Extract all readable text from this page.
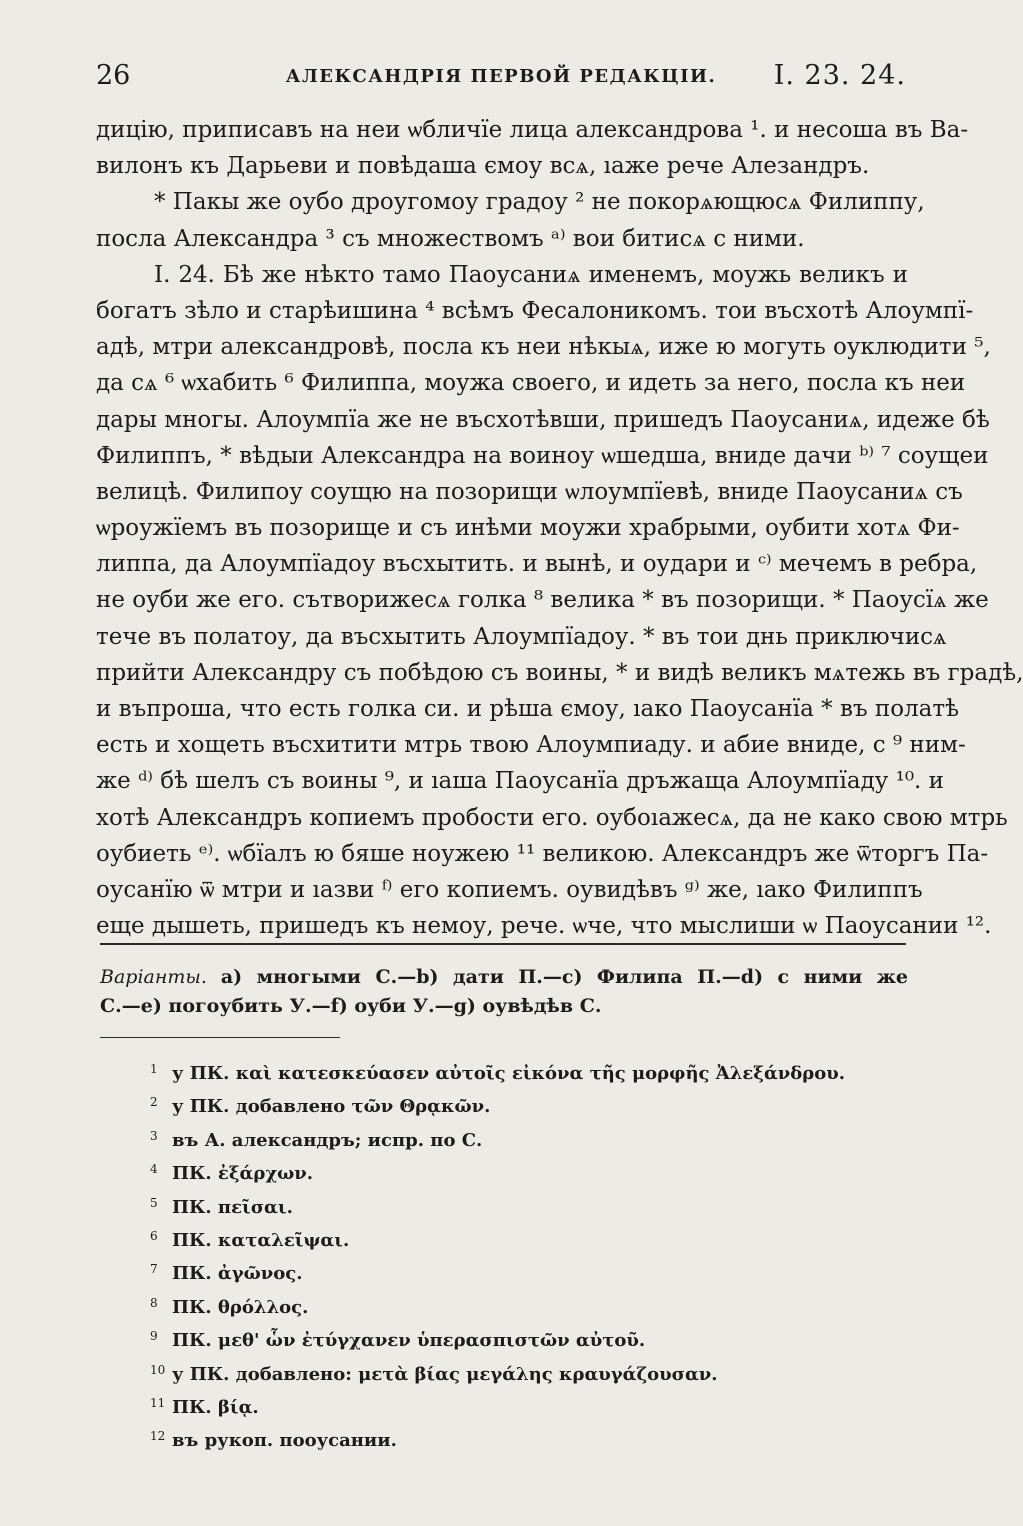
26	АЛЕКСАНДРІЯ ПЕРВОЙ РЕДАКЦІИ.	I. 23. 24.
дицію, приписавъ на неи ѡбличїе лица александрова ¹. и несоша въ Ва-
вилонъ къ Дарьеви и повѣдаша ємоу всѧ, ıаже рече Алезандръ.
* Пакы же оубо дроугомоу градоу ² не покорѧющюсѧ Филиппу,
посла Александра ³ съ множествомъ ᵃ⁾ вои битисѧ с ними.
I. 24. Бѣ же нѣкто тамо Паоусаниѧ именемъ, моужь великъ и
богатъ зѣло и старѣишина ⁴ всѣмъ Фесалоникомъ. тои въсхотѣ Алоумпї-
адѣ, мтри александровѣ, посла къ неи нѣкыѧ, иже ю могуть оуклюдити ⁵,
да сѧ ⁶ ѡхабить ⁶ Филиппа, моужа своего, и идеть за него, посла къ неи
дары многы. Алоумпїа же не въсхотѣвши, пришедъ Паоусаниѧ, идеже бѣ
Филиппъ, * вѣдыи Александра на воиноу ѡшедша, вниде дачи ᵇ⁾ ⁷ соущеи
велицѣ. Филипоу соущю на позорищи ѡлоумпїевѣ, вниде Паоусаниѧ съ
ѡроужїемъ въ позорище и съ инѣми моужи храбрыми, оубити хотѧ Фи-
липпа, да Алоумпїадоу въсхытить. и вынѣ, и оудари и ᶜ⁾ мечемъ в ребра,
не оуби же его. сътворижесѧ голка ⁸ велика * въ позорищи. * Паоусїѧ же
тече въ полатоу, да въсхытить Алоумпїадоу. * въ тои днь приключисѧ
прийти Александру съ побѣдою съ воины, * и видѣ великъ мѧтежь въ градѣ,
и въпроша, что есть голка си. и рѣша ємоу, ıако Паоусанїа * въ полатѣ
есть и хощеть въсхитити мтрь твою Алоумпиаду. и абие вниде, с ⁹ ним-
же ᵈ⁾ бѣ шелъ съ воины ⁹, и ıаша Паоусанїа дръжаща Алоумпїаду ¹⁰. и
хотѣ Александръ копиемъ пробости его. оубоıажесѧ, да не како свою мтрь
оубиеть ᵉ⁾. ѡбїалъ ю бяше ноужею ¹¹ великою. Александръ же ѿторгъ Па-
оусанїю ѿ мтри и ıазви ᶠ⁾ его копиемъ. оувидѣвъ ᵍ⁾ же, ıако Филиппъ
еще дышеть, пришедъ къ немоу, рече. ѡче, что мыслиши ѡ Паоусании ¹².
Варіанты. а) многыми С.—b) дати П.—с) Филипа П.—d) с ними же
С.—е) погоубить У.—f) оуби У.—g) оувѣдѣв С.
$^1$ у ПК. καὶ κατεσκεύασεν αὐτοῖς εἰκόνα τῆς μορφῆς Ἀλεξάνδρου.
$^2$ у ПК. добавлено τῶν Θρᾳκῶν.
$^3$ въ А. александръ; испр. по С.
$^4$ ПК. ἐξάρχων.
$^5$ ПК. πεῖσαι.
$^6$ ПК. καταλεῖψαι.
$^7$ ПК. ἀγῶνος.
$^8$ ПК. θρόλλος.
$^9$ ПК. μεθ' ὧν ἐτύγχανεν ὑπερασπιστῶν αὐτοῦ.
$^{10}$ у ПК. добавлено: μετὰ βίας μεγάλης κραυγάζουσαν.
$^{11}$ ПК. βίᾳ.
$^{12}$ въ рукоп. пооусании.
